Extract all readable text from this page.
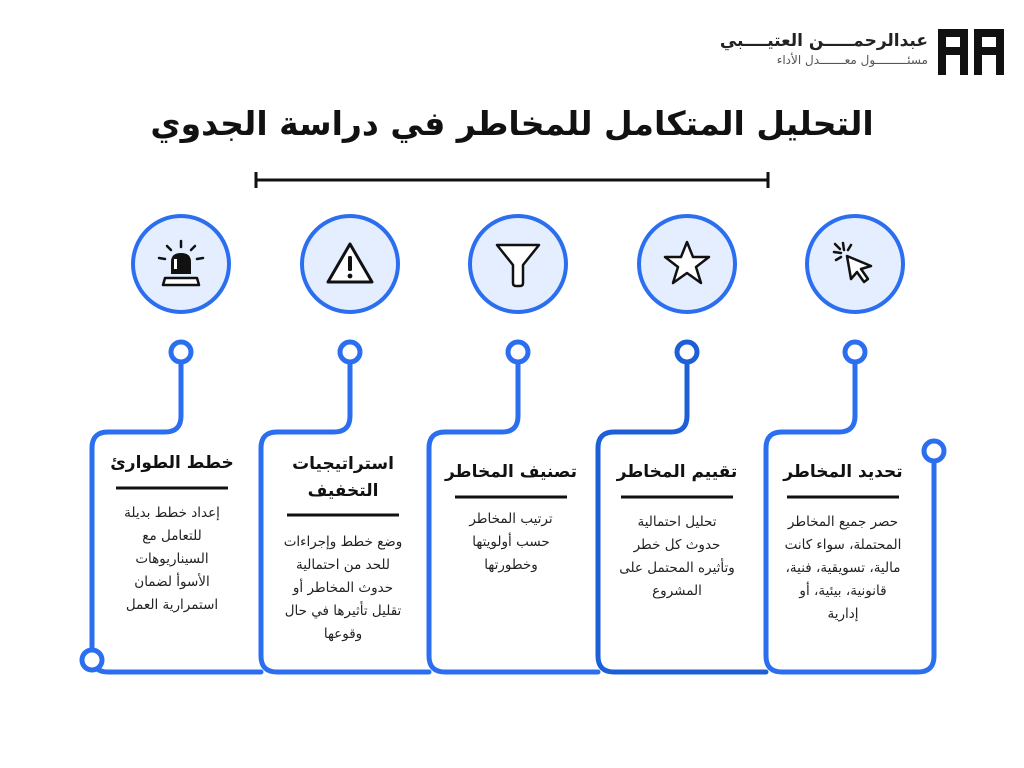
عبدالرحمـــــن العتيــــبي
مسئـــــــــول معـــــــدل الأداء
التحليل المتكامل للمخاطر في دراسة الجدوي
تحديد المخاطر
حصر جميع المخاطر
المحتملة، سواء كانت
مالية، تسويقية، فنية،
قانونية، بيئية، أو
إدارية
تقييم المخاطر
تحليل احتمالية
حدوث كل خطر
وتأثيره المحتمل على
المشروع
تصنيف المخاطر
ترتيب المخاطر
حسب أولويتها
وخطورتها
استراتيجيات
التخفيف
وضع خطط وإجراءات
للحد من احتمالية
حدوث المخاطر أو
تقليل تأثيرها في حال
وقوعها
خطط الطوارئ
إعداد خطط بديلة
للتعامل مع
السيناريوهات
الأسوأ لضمان
استمرارية العمل
